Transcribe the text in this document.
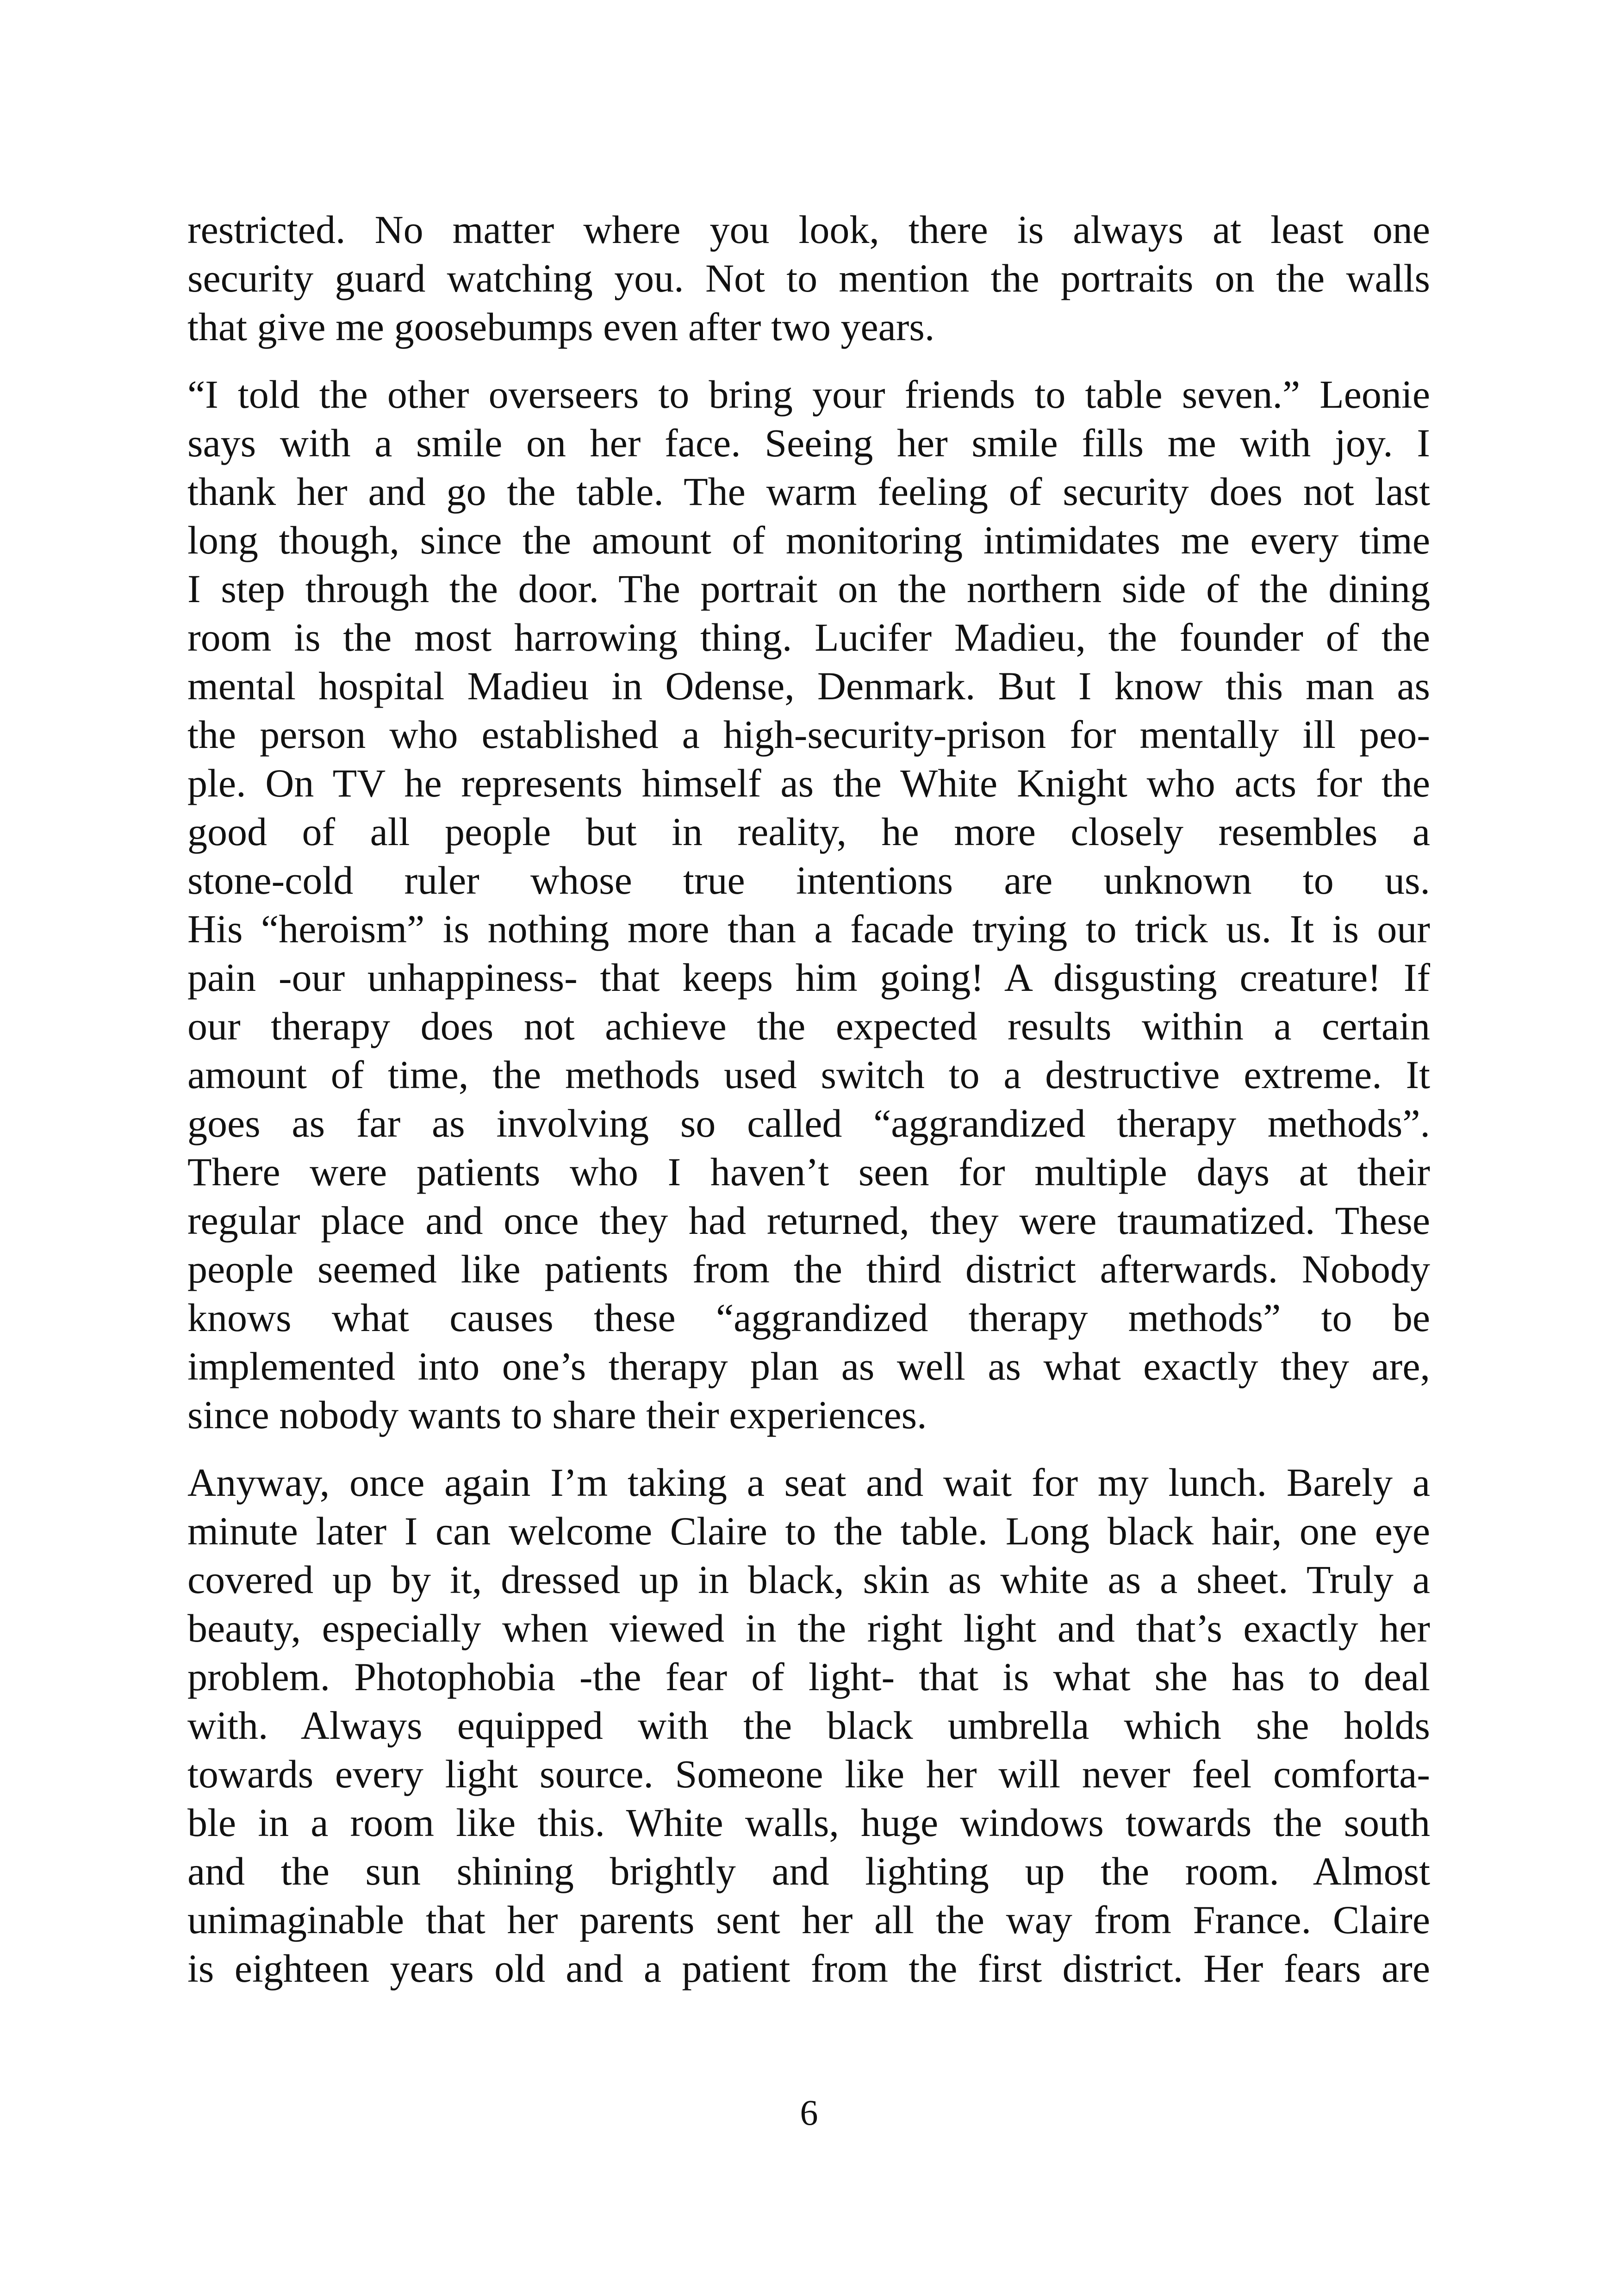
restricted. No matter where you look, there is always at least one
security guard watching you. Not to mention the portraits on the walls
that give me goosebumps even after two years.

“I told the other overseers to bring your friends to table seven.” Leonie
says with a smile on her face. Seeing her smile fills me with joy. I
thank her and go the table. The warm feeling of security does not last
long though, since the amount of monitoring intimidates me every time
I step through the door. The portrait on the northern side of the dining
room is the most harrowing thing. Lucifer Madieu, the founder of the
mental hospital Madieu in Odense, Denmark. But I know this man as
the person who established a high-security-prison for mentally ill peo-
ple. On TV he represents himself as the White Knight who acts for the
good of all people but in reality, he more closely resembles a
stone-cold ruler whose true intentions are unknown to us.
His “heroism” is nothing more than a facade trying to trick us. It is our
pain -our unhappiness- that keeps him going! A disgusting creature! If
our therapy does not achieve the expected results within a certain
amount of time, the methods used switch to a destructive extreme. It
goes as far as involving so called “aggrandized therapy methods”.
There were patients who I haven’t seen for multiple days at their
regular place and once they had returned, they were traumatized. These
people seemed like patients from the third district afterwards. Nobody
knows what causes these “aggrandized therapy methods” to be
implemented into one’s therapy plan as well as what exactly they are,
since nobody wants to share their experiences.

Anyway, once again I’m taking a seat and wait for my lunch. Barely a
minute later I can welcome Claire to the table. Long black hair, one eye
covered up by it, dressed up in black, skin as white as a sheet. Truly a
beauty, especially when viewed in the right light and that’s exactly her
problem. Photophobia -the fear of light- that is what she has to deal
with. Always equipped with the black umbrella which she holds
towards every light source. Someone like her will never feel comforta-
ble in a room like this. White walls, huge windows towards the south
and the sun shining brightly and lighting up the room. Almost
unimaginable that her parents sent her all the way from France. Claire
is eighteen years old and a patient from the first district. Her fears are

6
